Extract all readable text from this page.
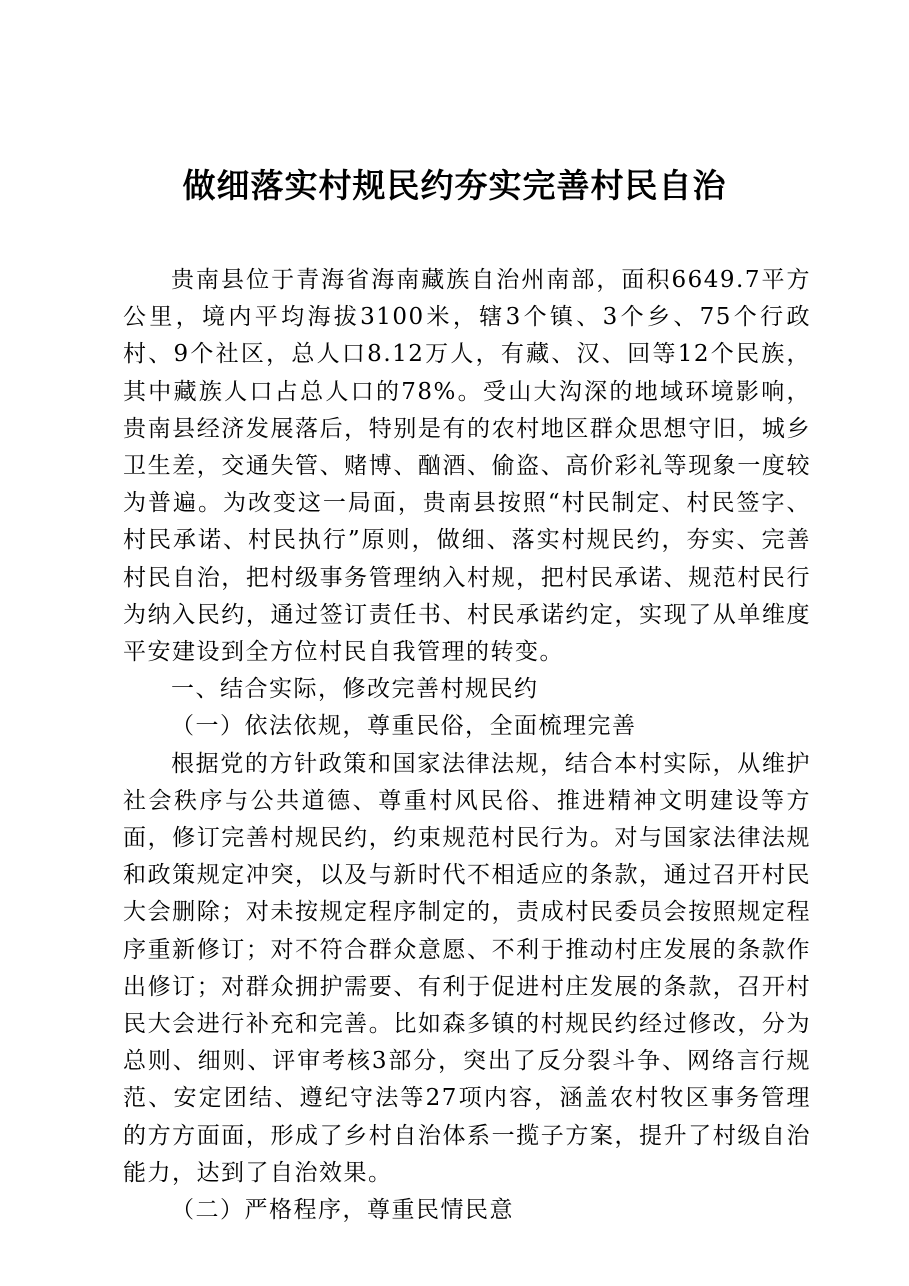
做细落实村规民约夯实完善村民自治

贵南县位于青海省海南藏族自治州南部，面积6649.7平方公里，境内平均海拔3100米，辖3个镇、3个乡、75个行政村、9个社区，总人口8.12万人，有藏、汉、回等12个民族，其中藏族人口占总人口的78%。受山大沟深的地域环境影响，贵南县经济发展落后，特别是有的农村地区群众思想守旧，城乡卫生差，交通失管、赌博、酗酒、偷盗、高价彩礼等现象一度较为普遍。为改变这一局面，贵南县按照“村民制定、村民签字、村民承诺、村民执行”原则，做细、落实村规民约，夯实、完善村民自治，把村级事务管理纳入村规，把村民承诺、规范村民行为纳入民约，通过签订责任书、村民承诺约定，实现了从单维度平安建设到全方位村民自我管理的转变。

一、结合实际，修改完善村规民约

（一）依法依规，尊重民俗，全面梳理完善

根据党的方针政策和国家法律法规，结合本村实际，从维护社会秩序与公共道德、尊重村风民俗、推进精神文明建设等方面，修订完善村规民约，约束规范村民行为。对与国家法律法规和政策规定冲突，以及与新时代不相适应的条款，通过召开村民大会删除；对未按规定程序制定的，责成村民委员会按照规定程序重新修订；对不符合群众意愿、不利于推动村庄发展的条款作出修订；对群众拥护需要、有利于促进村庄发展的条款，召开村民大会进行补充和完善。比如森多镇的村规民约经过修改，分为总则、细则、评审考核3部分，突出了反分裂斗争、网络言行规范、安定团结、遵纪守法等27项内容，涵盖农村牧区事务管理的方方面面，形成了乡村自治体系一揽子方案，提升了村级自治能力，达到了自治效果。

（二）严格程序，尊重民情民意
